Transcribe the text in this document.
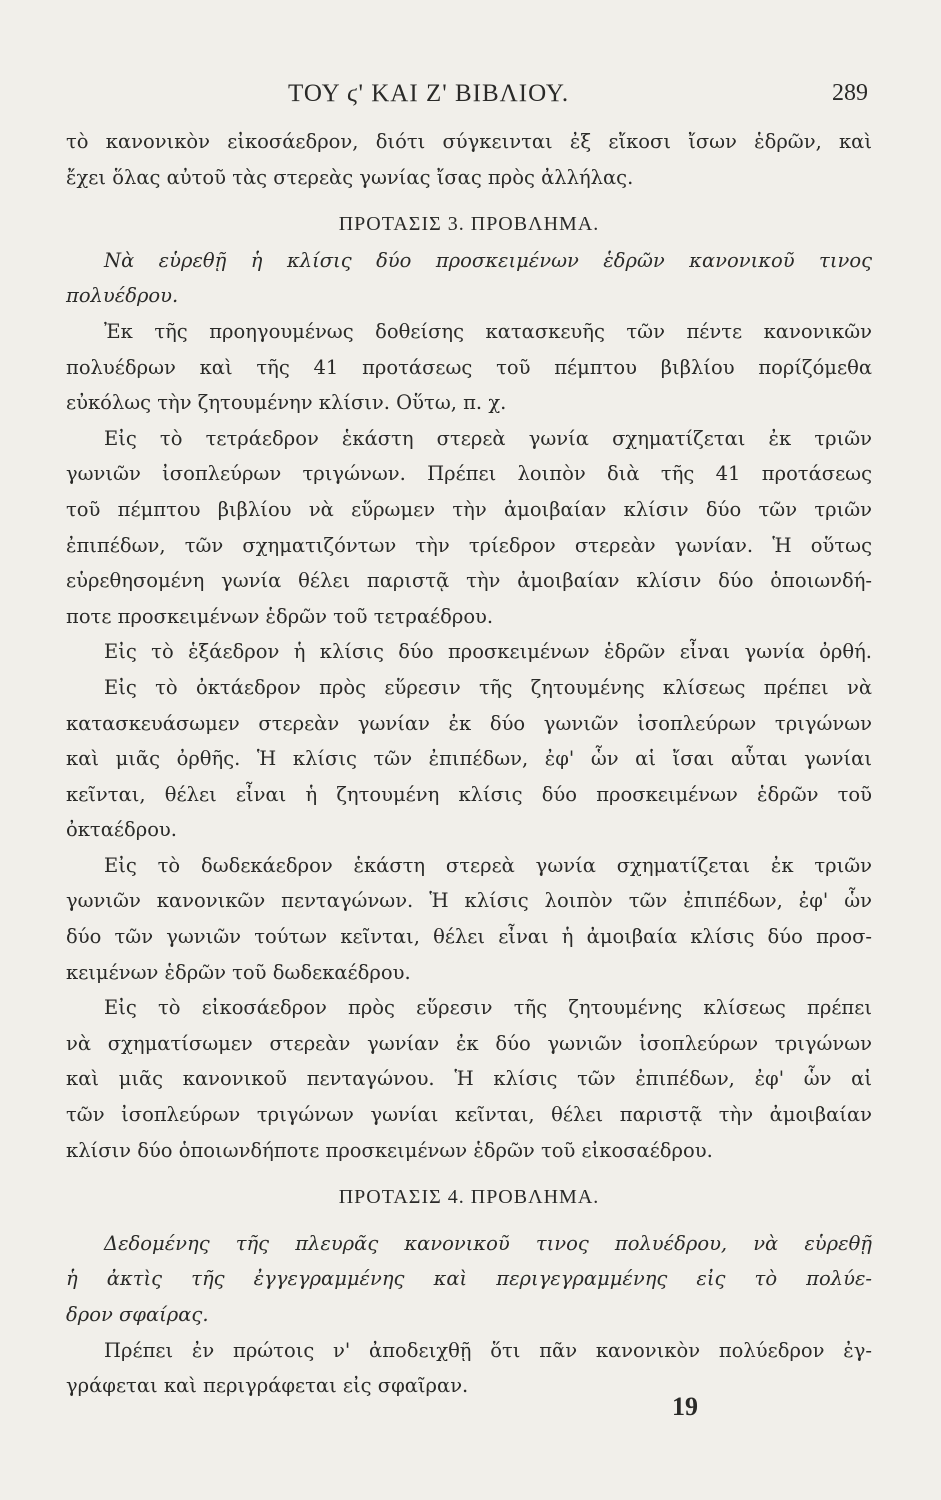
ΤΟΥ ϛ' ΚΑΙ Ζ' ΒΙΒΛΙΟΥ.	289
τὸ κανονικὸν εἰκοσάεδρον, διότι σύγκεινται ἐξ εἴκοσι ἴσων ἑδρῶν, καὶ
ἔχει ὅλας αὐτοῦ τὰς στερεὰς γωνίας ἴσας πρὸς ἀλλήλας.
ΠΡΟΤΑΣΙΣ 3. ΠΡΟΒΛΗΜΑ.
Νὰ εὑρεθῇ ἡ κλίσις δύο προσκειμένων ἑδρῶν κανονικοῦ τινος
πολυέδρου.
Ἐκ τῆς προηγουμένως δοθείσης κατασκευῆς τῶν πέντε κανονικῶν
πολυέδρων καὶ τῆς 41 προτάσεως τοῦ πέμπτου βιβλίου πορίζόμεθα
εὐκόλως τὴν ζητουμένην κλίσιν. Οὕτω, π. χ.
Εἰς τὸ τετράεδρον ἑκάστη στερεὰ γωνία σχηματίζεται ἐκ τριῶν
γωνιῶν ἰσοπλεύρων τριγώνων. Πρέπει λοιπὸν διὰ τῆς 41 προτάσεως
τοῦ πέμπτου βιβλίου νὰ εὕρωμεν τὴν ἀμοιβαίαν κλίσιν δύο τῶν τριῶν
ἐπιπέδων, τῶν σχηματιζόντων τὴν τρίεδρον στερεὰν γωνίαν. Ἡ οὕτως
εὑρεθησομένη γωνία θέλει παριστᾷ τὴν ἀμοιβαίαν κλίσιν δύο ὁποιωνδή-
ποτε προσκειμένων ἑδρῶν τοῦ τετραέδρου.
Εἰς τὸ ἑξάεδρον ἡ κλίσις δύο προσκειμένων ἑδρῶν εἶναι γωνία ὀρθή.
Εἰς τὸ ὀκτάεδρον πρὸς εὕρεσιν τῆς ζητουμένης κλίσεως πρέπει νὰ
κατασκευάσωμεν στερεὰν γωνίαν ἐκ δύο γωνιῶν ἰσοπλεύρων τριγώνων
καὶ μιᾶς ὀρθῆς. Ἡ κλίσις τῶν ἐπιπέδων, ἐφ' ὧν αἱ ἴσαι αὗται γωνίαι
κεῖνται, θέλει εἶναι ἡ ζητουμένη κλίσις δύο προσκειμένων ἑδρῶν τοῦ
ὀκταέδρου.
Εἰς τὸ δωδεκάεδρον ἑκάστη στερεὰ γωνία σχηματίζεται ἐκ τριῶν
γωνιῶν κανονικῶν πενταγώνων. Ἡ κλίσις λοιπὸν τῶν ἐπιπέδων, ἐφ' ὧν
δύο τῶν γωνιῶν τούτων κεῖνται, θέλει εἶναι ἡ ἀμοιβαία κλίσις δύο προσ-
κειμένων ἑδρῶν τοῦ δωδεκαέδρου.
Εἰς τὸ εἰκοσάεδρον πρὸς εὕρεσιν τῆς ζητουμένης κλίσεως πρέπει
νὰ σχηματίσωμεν στερεὰν γωνίαν ἐκ δύο γωνιῶν ἰσοπλεύρων τριγώνων
καὶ μιᾶς κανονικοῦ πενταγώνου. Ἡ κλίσις τῶν ἐπιπέδων, ἐφ' ὧν αἱ
τῶν ἰσοπλεύρων τριγώνων γωνίαι κεῖνται, θέλει παριστᾷ τὴν ἀμοιβαίαν
κλίσιν δύο ὁποιωνδήποτε προσκειμένων ἑδρῶν τοῦ εἰκοσαέδρου.
ΠΡΟΤΑΣΙΣ 4. ΠΡΟΒΛΗΜΑ.
Δεδομένης τῆς πλευρᾶς κανονικοῦ τινος πολυέδρου, νὰ εὑρεθῇ
ἡ ἀκτὶς τῆς ἐγγεγραμμένης καὶ περιγεγραμμένης εἰς τὸ πολύε-
δρον σφαίρας.
Πρέπει ἐν πρώτοις ν' ἀποδειχθῇ ὅτι πᾶν κανονικὸν πολύεδρον ἐγ-
γράφεται καὶ περιγράφεται εἰς σφαῖραν.
19
